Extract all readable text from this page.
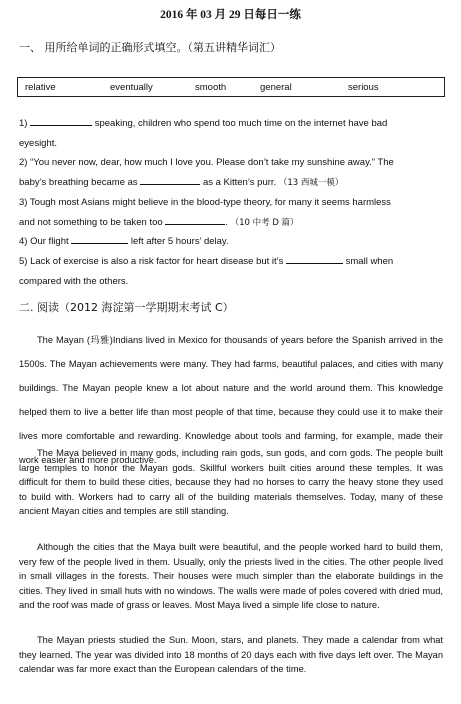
2016 年 03 月 29 日每日一练
一、 用所给单词的正确形式填空。（第五讲精华词汇）
relative	eventually	smooth	general	serious
1)	speaking, children who spend too much time on the internet have bad
eyesight.
2) “You never now, dear, how much I love you. Please don’t take my sunshine away.” The
baby’s breathing became as	as a Kitten’s purr. （13 西城一模）
3) Tough most Asians might believe in the blood-type theory, for many it seems harmless
and not something to be taken too	. （10 中考 D 篇）
4) Our flight	left after 5 hours’ delay.
5) Lack of exercise is also a risk factor for heart disease but it’s	small when
compared with the others.
二. 阅读（2012 海淀第一学期期末考试 C）

The Mayan (玛雅)Indians lived in Mexico for thousands of years before the Spanish arrived in the 1500s. The Mayan achievements were many. They had farms, beautiful palaces, and cities with many buildings. The Mayan people knew a lot about nature and the world around them. This knowledge helped them to live a better life than most people of that time, because they could use it to make their lives more comfortable and rewarding. Knowledge about tools and farming, for example, made their work easier and more productive.

The Maya believed in many gods, including rain gods, sun gods, and corn gods. The people built large temples to honor the Mayan gods. Skillful workers built cities around these temples. It was difficult for them to build these cities, because they had no horses to carry the heavy stone they used to build with. Workers had to carry all of the building materials themselves. Today, many of these ancient Mayan cities and temples are still standing.

Although the cities that the Maya built were beautiful, and the people worked hard to build them, very few of the people lived in them. Usually, only the priests lived in the cities. The other people lived in small villages in the forests. Their houses were much simpler than the elaborate buildings in the cities. They lived in small huts with no windows. The walls were made of poles covered with dried mud, and the roof was made of grass or leaves. Most Maya lived a simple life close to nature.

The Mayan priests studied the Sun. Moon, stars, and planets. They made a calendar from what they learned. The year was divided into 18 months of 20 days each with five days left over. The Mayan calendar was far more exact than the European calendars of the time.
